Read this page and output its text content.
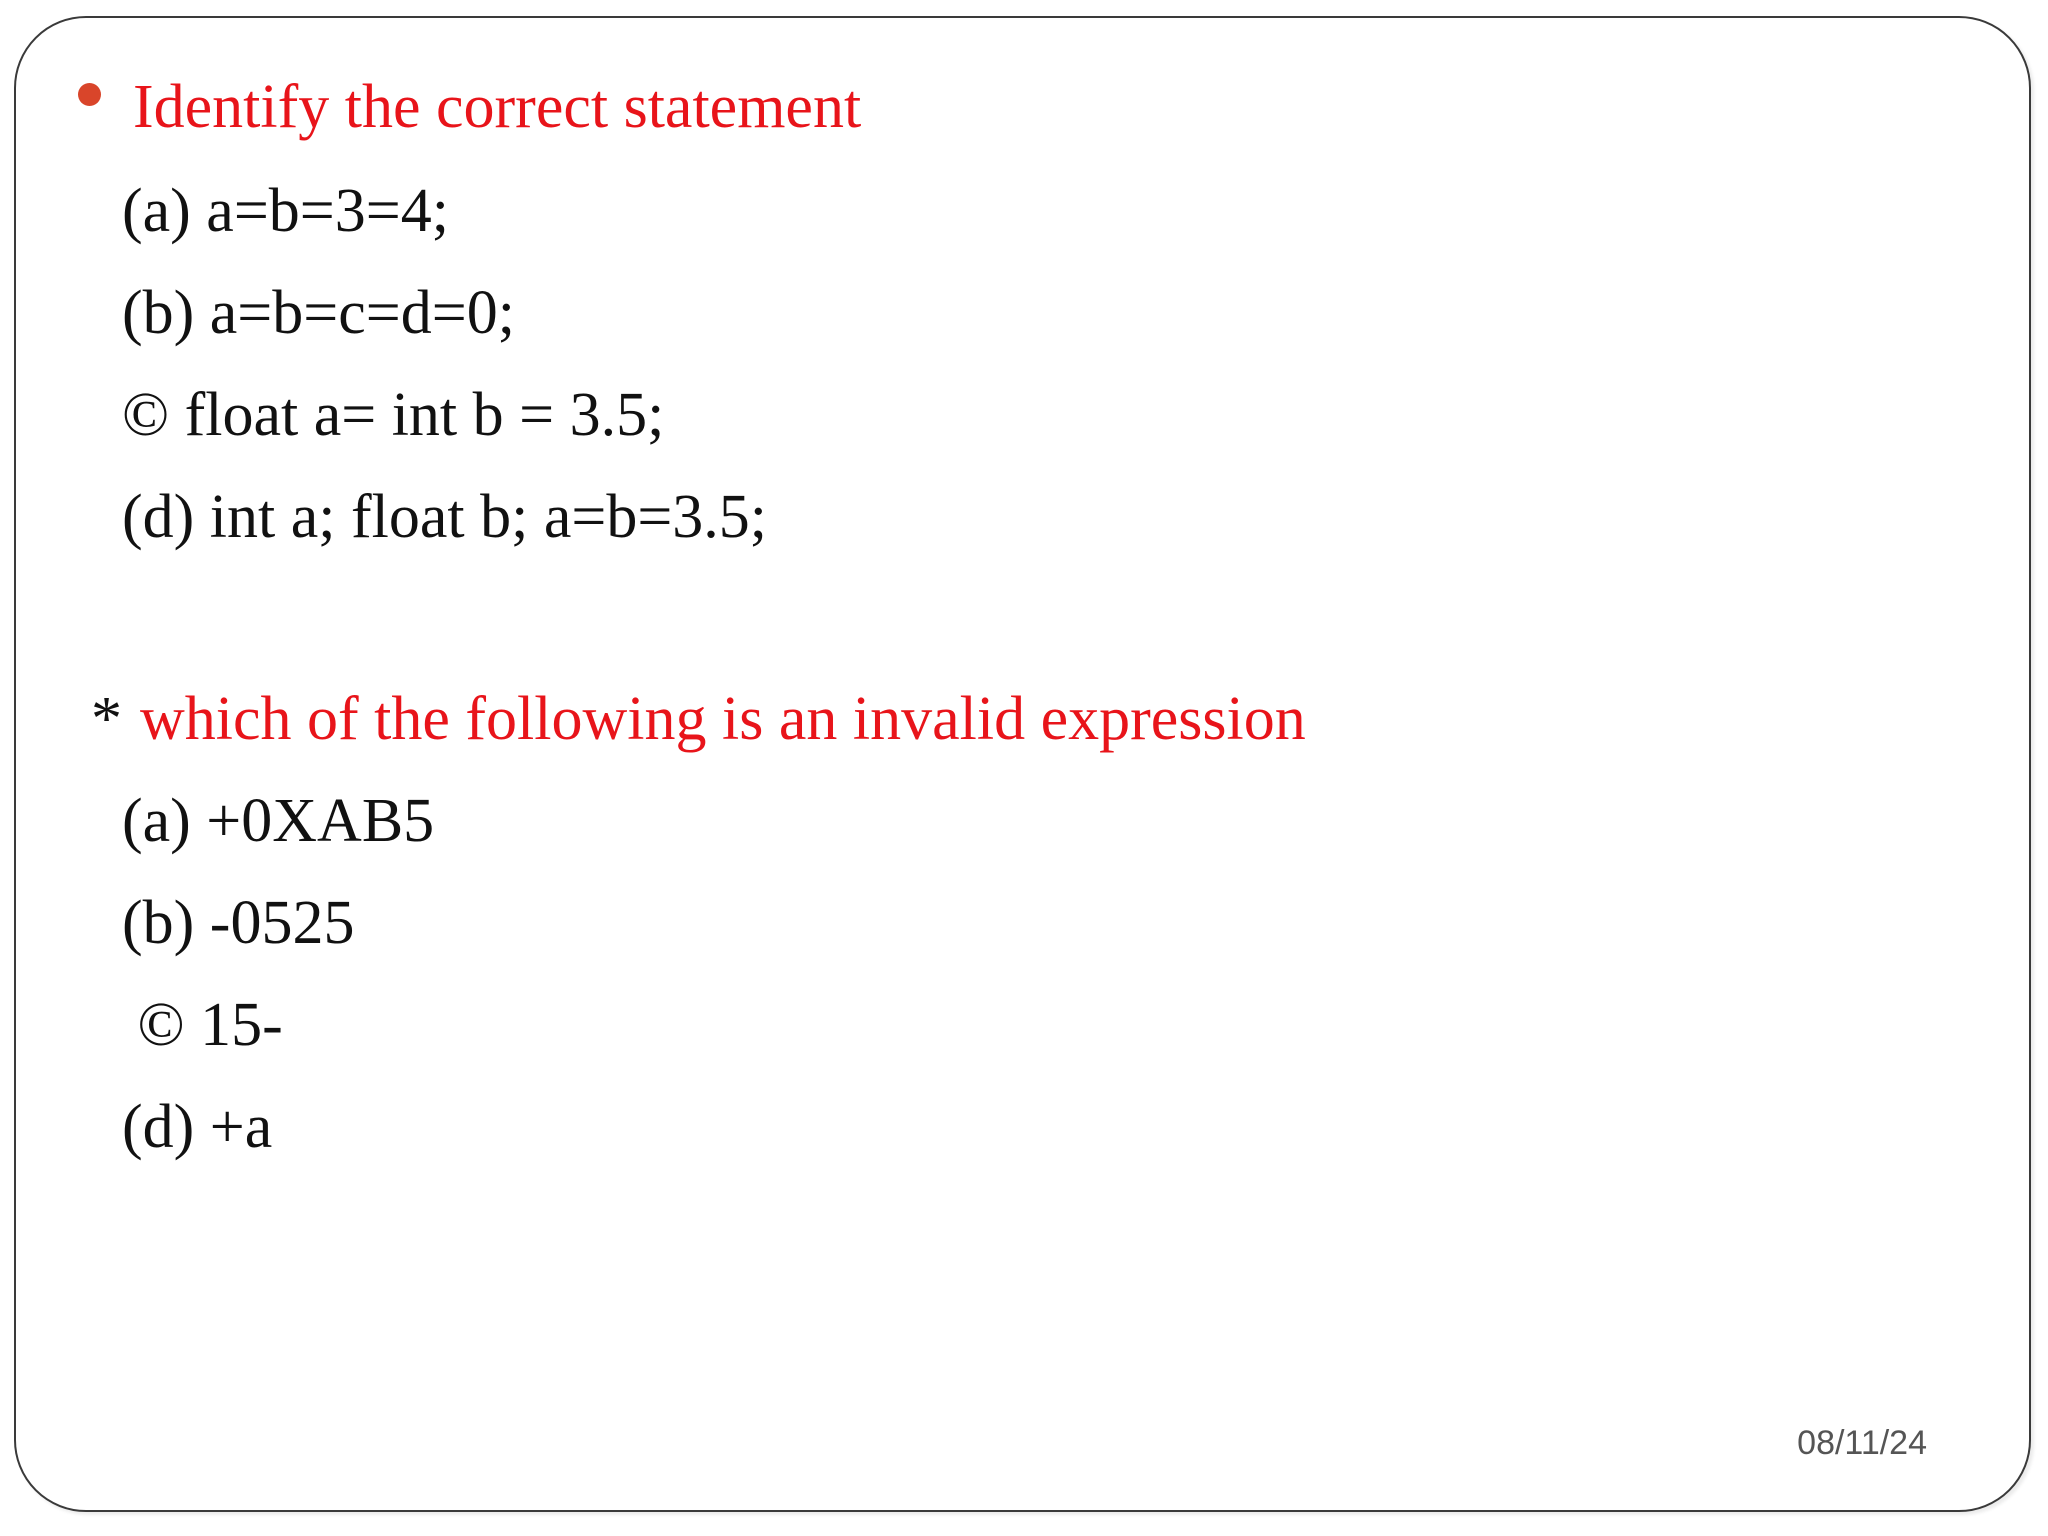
Identify the correct statement
(a) a=b=3=4;
(b) a=b=c=d=0;
© float a= int b = 3.5;
(d) int a; float b; a=b=3.5;
* which of the following is an invalid expression
(a) +0XAB5
(b) -0525
© 15-
(d) +a
08/11/24
